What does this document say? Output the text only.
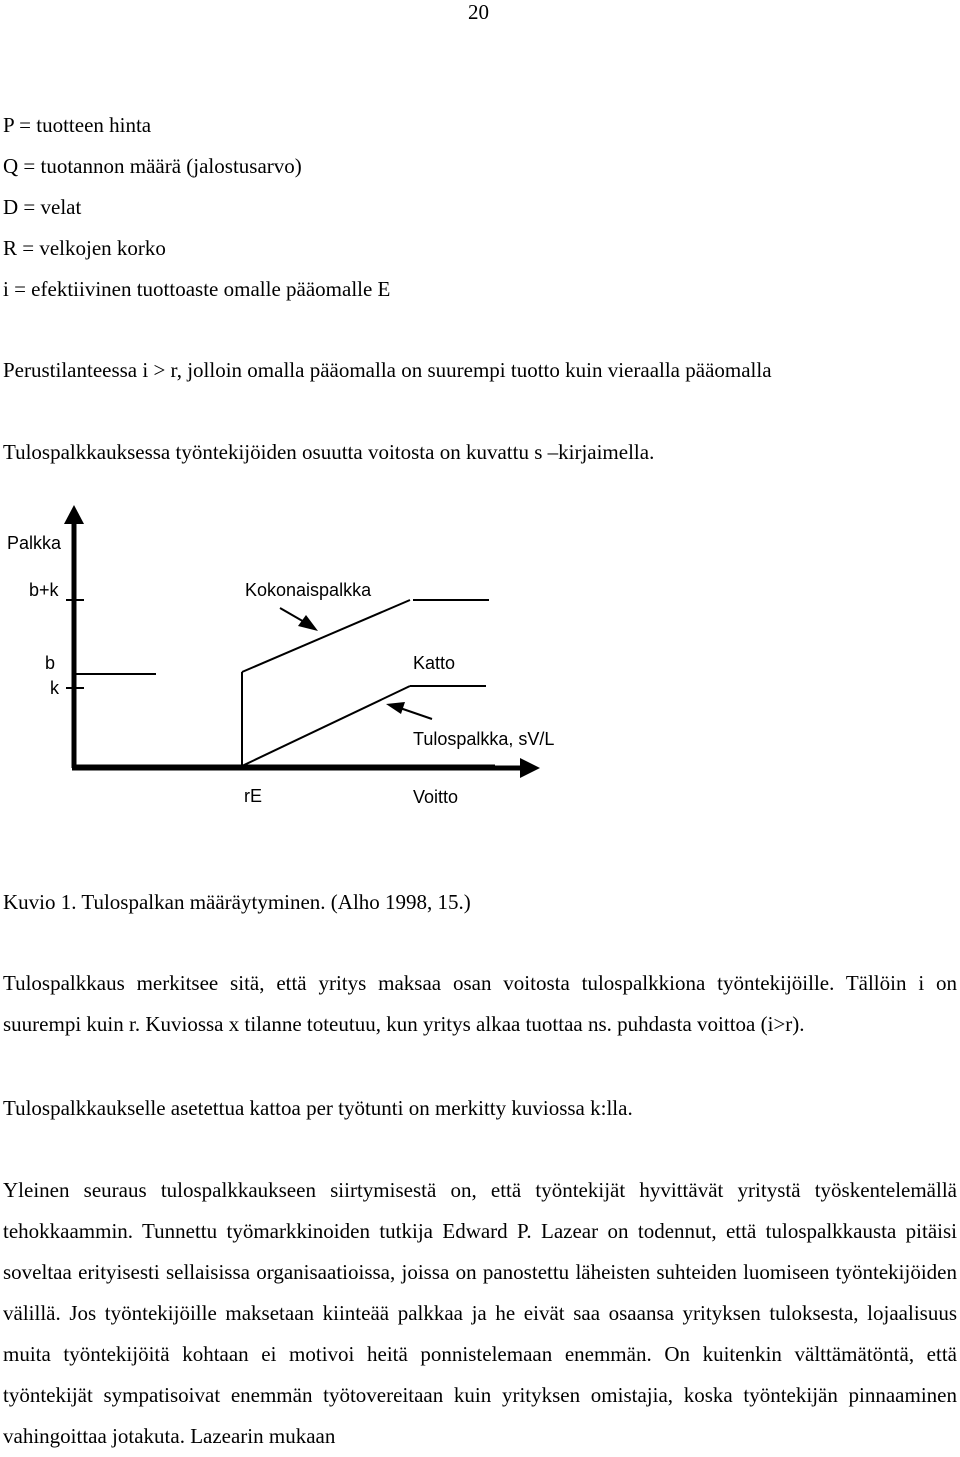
20
P = tuotteen hinta
Q = tuotannon määrä (jalostusarvo)
D = velat
R = velkojen korko
i = efektiivinen tuottoaste omalle pääomalle E
Perustilanteessa i > r, jolloin omalla pääomalla on suurempi tuotto kuin vieraalla pääomalla
Tulospalkkauksessa työntekijöiden osuutta voitosta on kuvattu s –kirjaimella.
Palkka
b+k
b
k
Kokonaispalkka
Katto
Tulospalkka, sV/L
rE	Voitto
Kuvio 1. Tulospalkan määräytyminen. (Alho 1998, 15.)
Tulospalkkaus merkitsee sitä, että yritys maksaa osan voitosta tulospalkkiona työntekijöille. Tällöin i on suurempi kuin r. Kuviossa x tilanne toteutuu, kun yritys alkaa tuottaa ns. puhdasta voittoa (i>r).
Tulospalkkaukselle asetettua kattoa per työtunti on merkitty kuviossa k:lla.
Yleinen seuraus tulospalkkaukseen siirtymisestä on, että työntekijät hyvittävät yritystä työskentelemällä tehokkaammin. Tunnettu työmarkkinoiden tutkija Edward P. Lazear on todennut, että tulospalkkausta pitäisi soveltaa erityisesti sellaisissa organisaatioissa, joissa on panostettu läheisten suhteiden luomiseen työntekijöiden välillä. Jos työntekijöille maksetaan kiinteää palkkaa ja he eivät saa osaansa yrityksen tuloksesta, lojaalisuus muita työntekijöitä kohtaan ei motivoi heitä ponnistelemaan enemmän. On kuitenkin välttämätöntä, että työntekijät sympatisoivat enemmän työtovereitaan kuin yrityksen omistajia, koska työntekijän pinnaaminen vahingoittaa jotakuta. Lazearin mukaan
